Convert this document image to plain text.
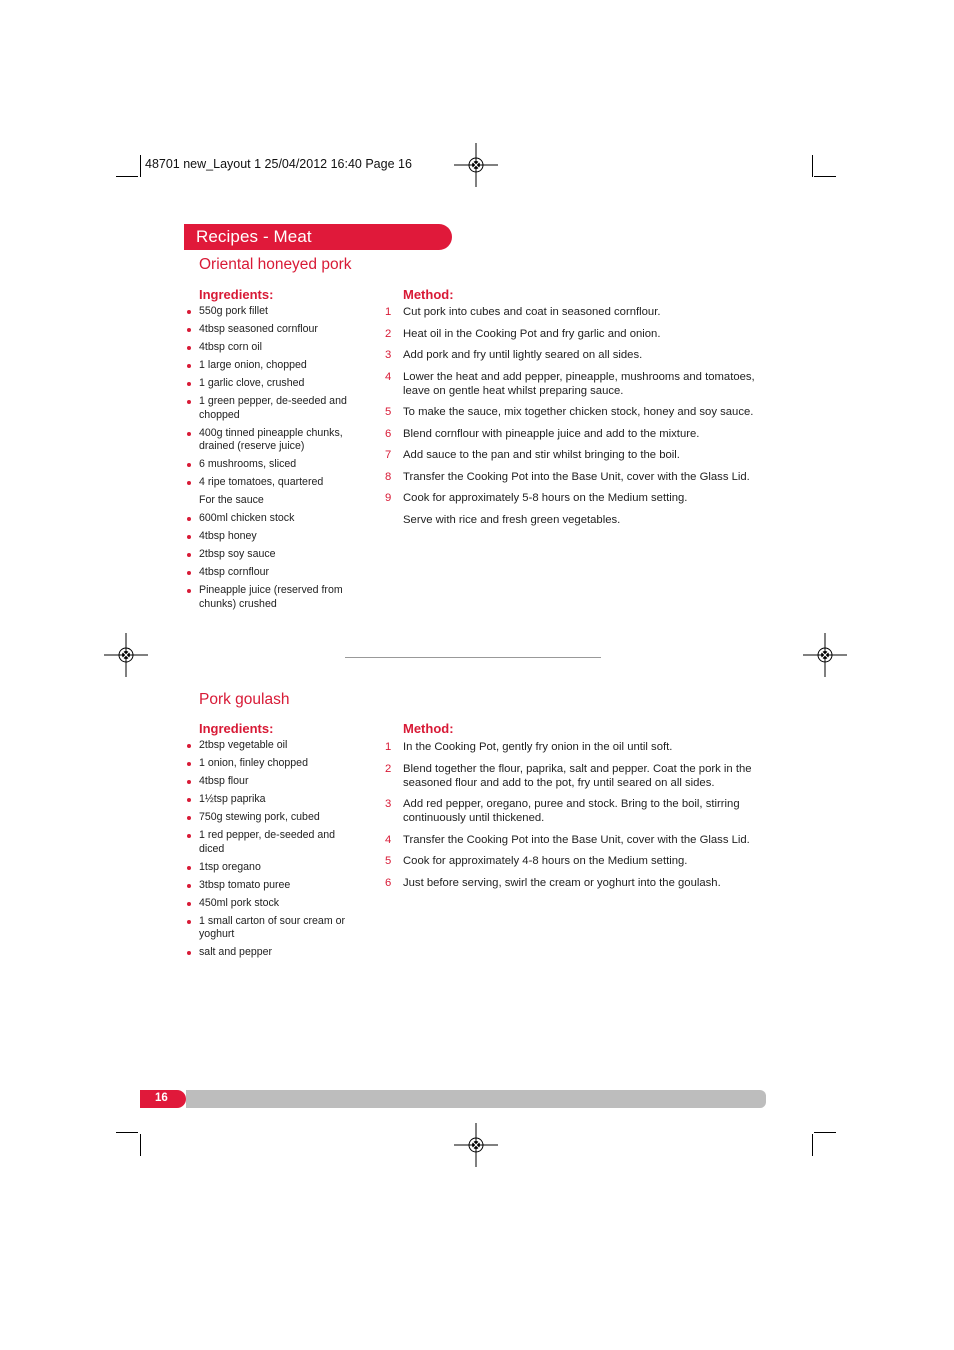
48701 new_Layout 1 25/04/2012 16:40 Page 16
Recipes - Meat
Oriental honeyed pork
Ingredients:	Method:
550g pork fillet
4tbsp seasoned cornflour
4tbsp corn oil
1 large onion, chopped
1 garlic clove, crushed
1 green pepper, de-seeded and chopped
400g tinned pineapple chunks, drained (reserve juice)
6 mushrooms, sliced
4 ripe tomatoes, quartered
For the sauce
600ml chicken stock
4tbsp honey
2tbsp soy sauce
4tbsp cornflour
Pineapple juice (reserved from chunks) crushed
1 Cut pork into cubes and coat in seasoned cornflour.
2 Heat oil in the Cooking Pot and fry garlic and onion.
3 Add pork and fry until lightly seared on all sides.
4 Lower the heat and add pepper, pineapple, mushrooms and tomatoes, leave on gentle heat whilst preparing sauce.
5 To make the sauce, mix together chicken stock, honey and soy sauce.
6 Blend cornflour with pineapple juice and add to the mixture.
7 Add sauce to the pan and stir whilst bringing to the boil.
8 Transfer the Cooking Pot into the Base Unit, cover with the Glass Lid.
9 Cook for approximately 5-8 hours on the Medium setting.
Serve with rice and fresh green vegetables.
Pork goulash
Ingredients:	Method:
2tbsp vegetable oil
1 onion, finley chopped
4tbsp flour
1½tsp paprika
750g stewing pork, cubed
1 red pepper, de-seeded and diced
1tsp oregano
3tbsp tomato puree
450ml pork stock
1 small carton of sour cream or yoghurt
salt and pepper
1 In the Cooking Pot, gently fry onion in the oil until soft.
2 Blend together the flour, paprika, salt and pepper. Coat the pork in the seasoned flour and add to the pot, fry until seared on all sides.
3 Add red pepper, oregano, puree and stock. Bring to the boil, stirring continuously until thickened.
4 Transfer the Cooking Pot into the Base Unit, cover with the Glass Lid.
5 Cook for approximately 4-8 hours on the Medium setting.
6 Just before serving, swirl the cream or yoghurt into the goulash.
16
